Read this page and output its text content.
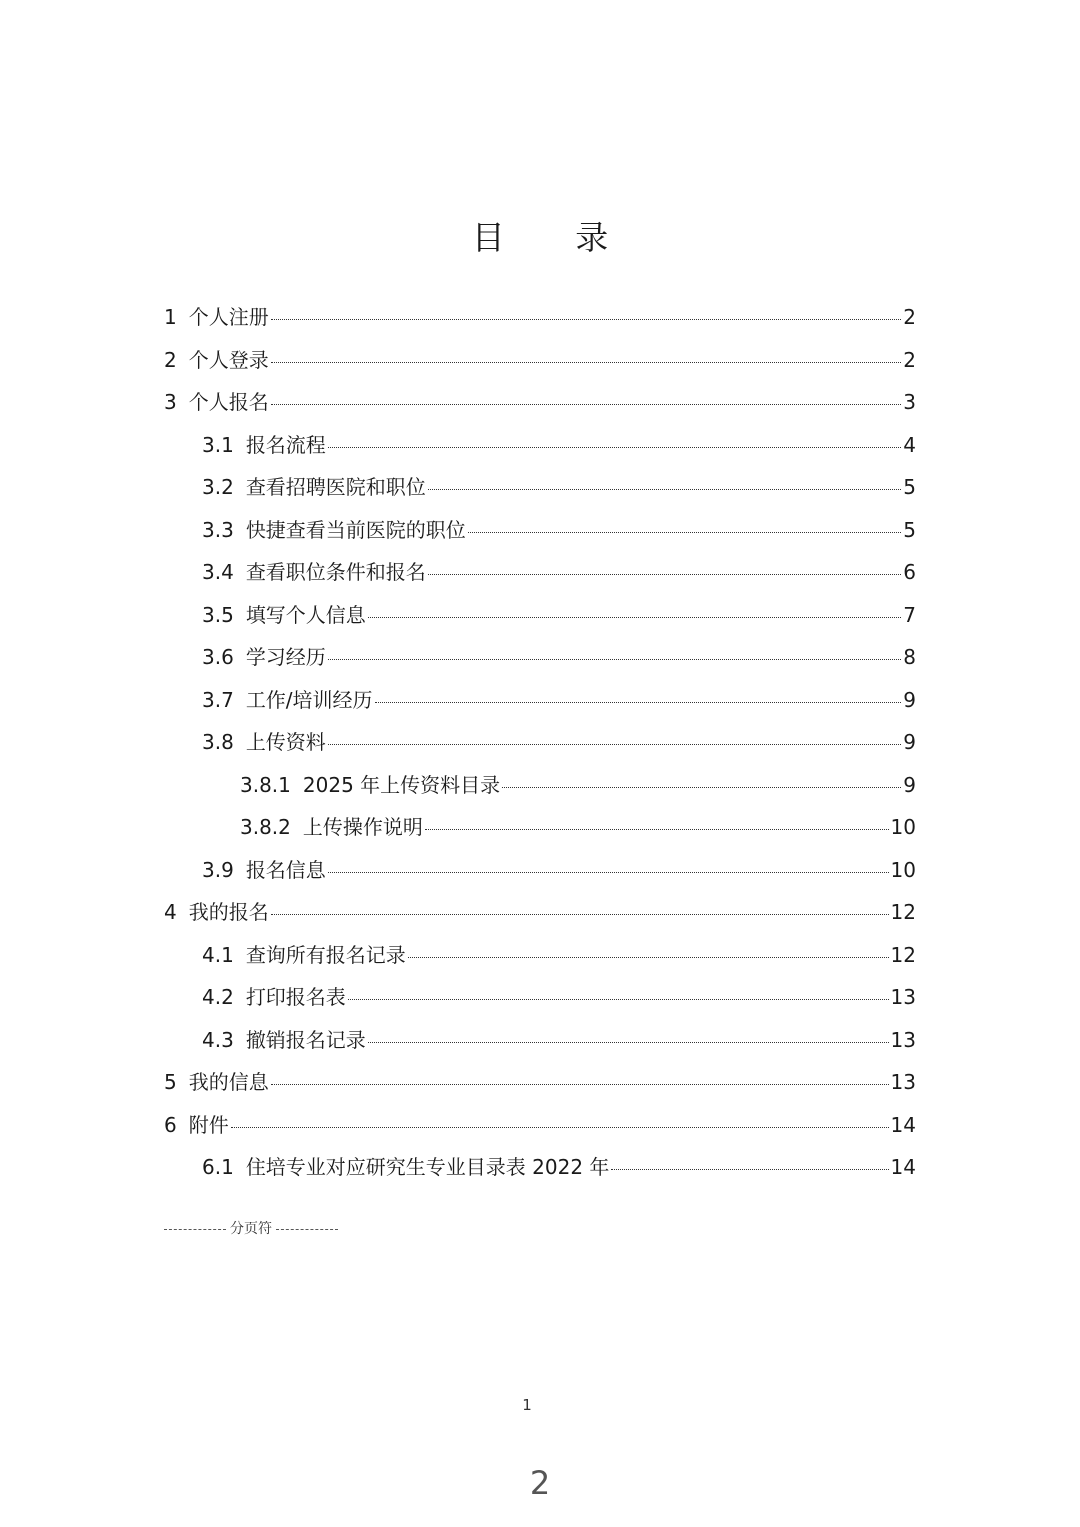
目 录
1 个人注册	2
2 个人登录	2
3 个人报名	3
3.1 报名流程	4
3.2 查看招聘医院和职位	5
3.3 快捷查看当前医院的职位	5
3.4 查看职位条件和报名	6
3.5 填写个人信息	7
3.6 学习经历	8
3.7 工作/培训经历	9
3.8 上传资料	9
3.8.1 2025 年上传资料目录	9
3.8.2 上传操作说明	10
3.9 报名信息	10
4 我的报名	12
4.1 查询所有报名记录	12
4.2 打印报名表	13
4.3 撤销报名记录	13
5 我的信息	13
6 附件	14
6.1 住培专业对应研究生专业目录表 2022 年	14
分页符
1
2
